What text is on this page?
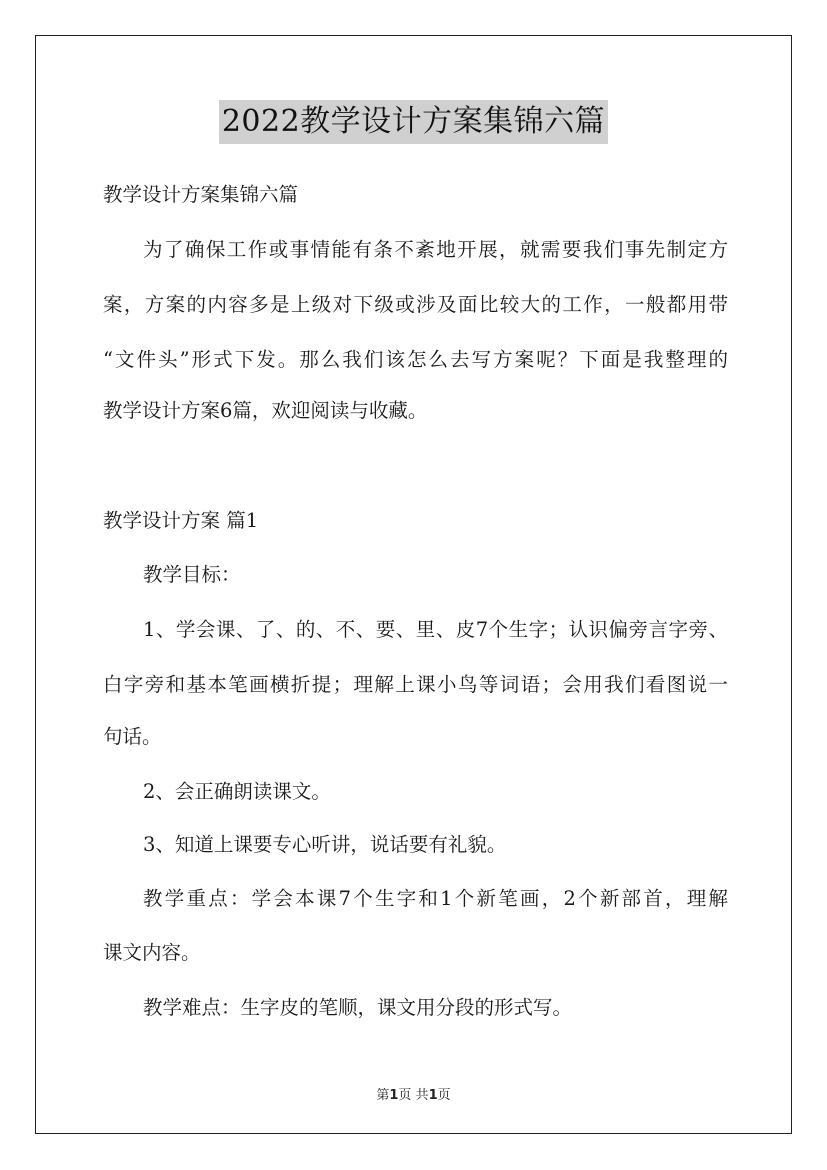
2022教学设计方案集锦六篇
教学设计方案集锦六篇
为了确保工作或事情能有条不紊地开展，就需要我们事先制定方
案，方案的内容多是上级对下级或涉及面比较大的工作，一般都用带
“文件头”形式下发。那么我们该怎么去写方案呢？下面是我整理的
教学设计方案6篇，欢迎阅读与收藏。
教学设计方案 篇1
教学目标：
1、学会课、了、的、不、要、里、皮7个生字；认识偏旁言字旁、
白字旁和基本笔画横折提；理解上课小鸟等词语；会用我们看图说一
句话。
2、会正确朗读课文。
3、知道上课要专心听讲，说话要有礼貌。
教学重点：学会本课7个生字和1个新笔画，2个新部首，理解
课文内容。
教学难点：生字皮的笔顺，课文用分段的形式写。
第1页 共1页
